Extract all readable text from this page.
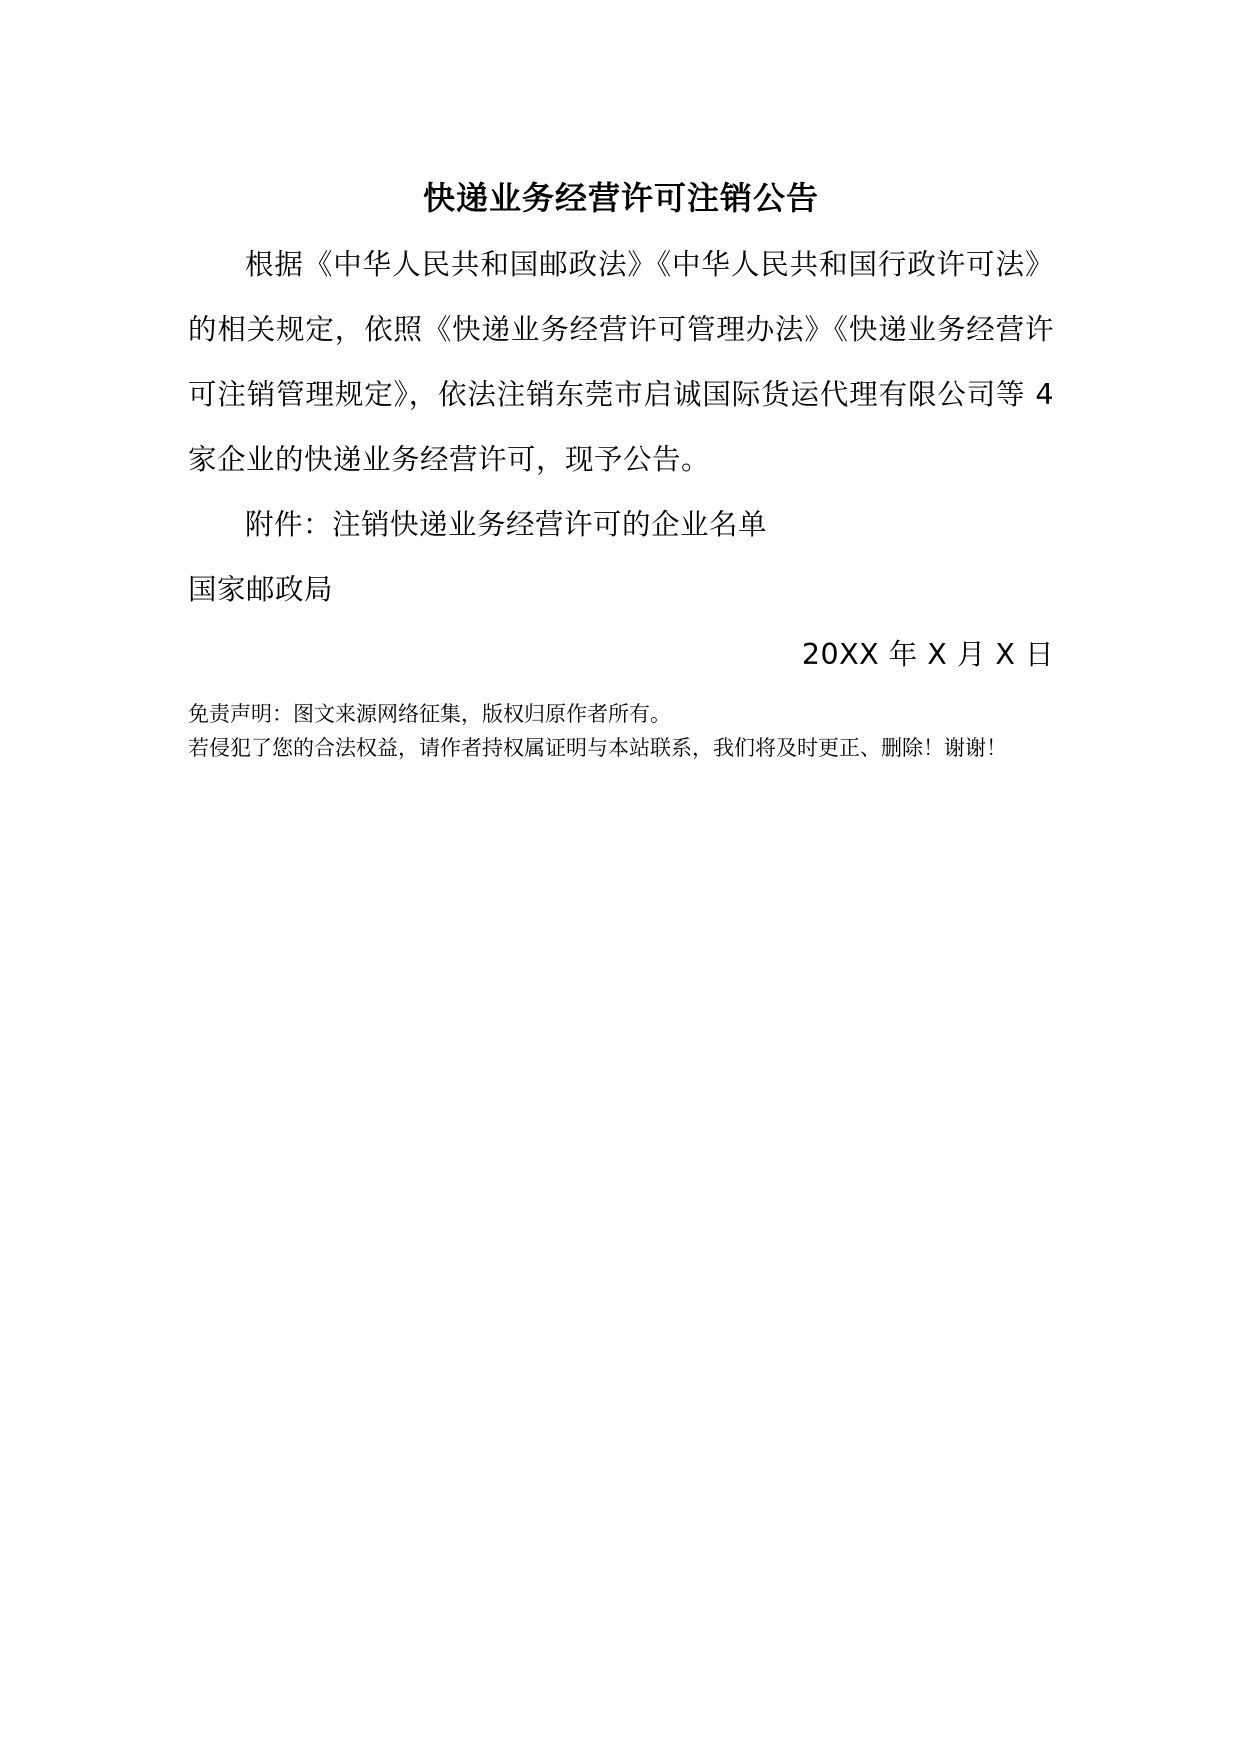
快递业务经营许可注销公告

根据《中华人民共和国邮政法》《中华人民共和国行政许可法》的相关规定，依照《快递业务经营许可管理办法》《快递业务经营许可注销管理规定》，依法注销东莞市启诚国际货运代理有限公司等 4 家企业的快递业务经营许可，现予公告。

附件：注销快递业务经营许可的企业名单

国家邮政局

20XX 年 X 月 X 日

免责声明：图文来源网络征集，版权归原作者所有。
若侵犯了您的合法权益，请作者持权属证明与本站联系，我们将及时更正、删除！谢谢！
